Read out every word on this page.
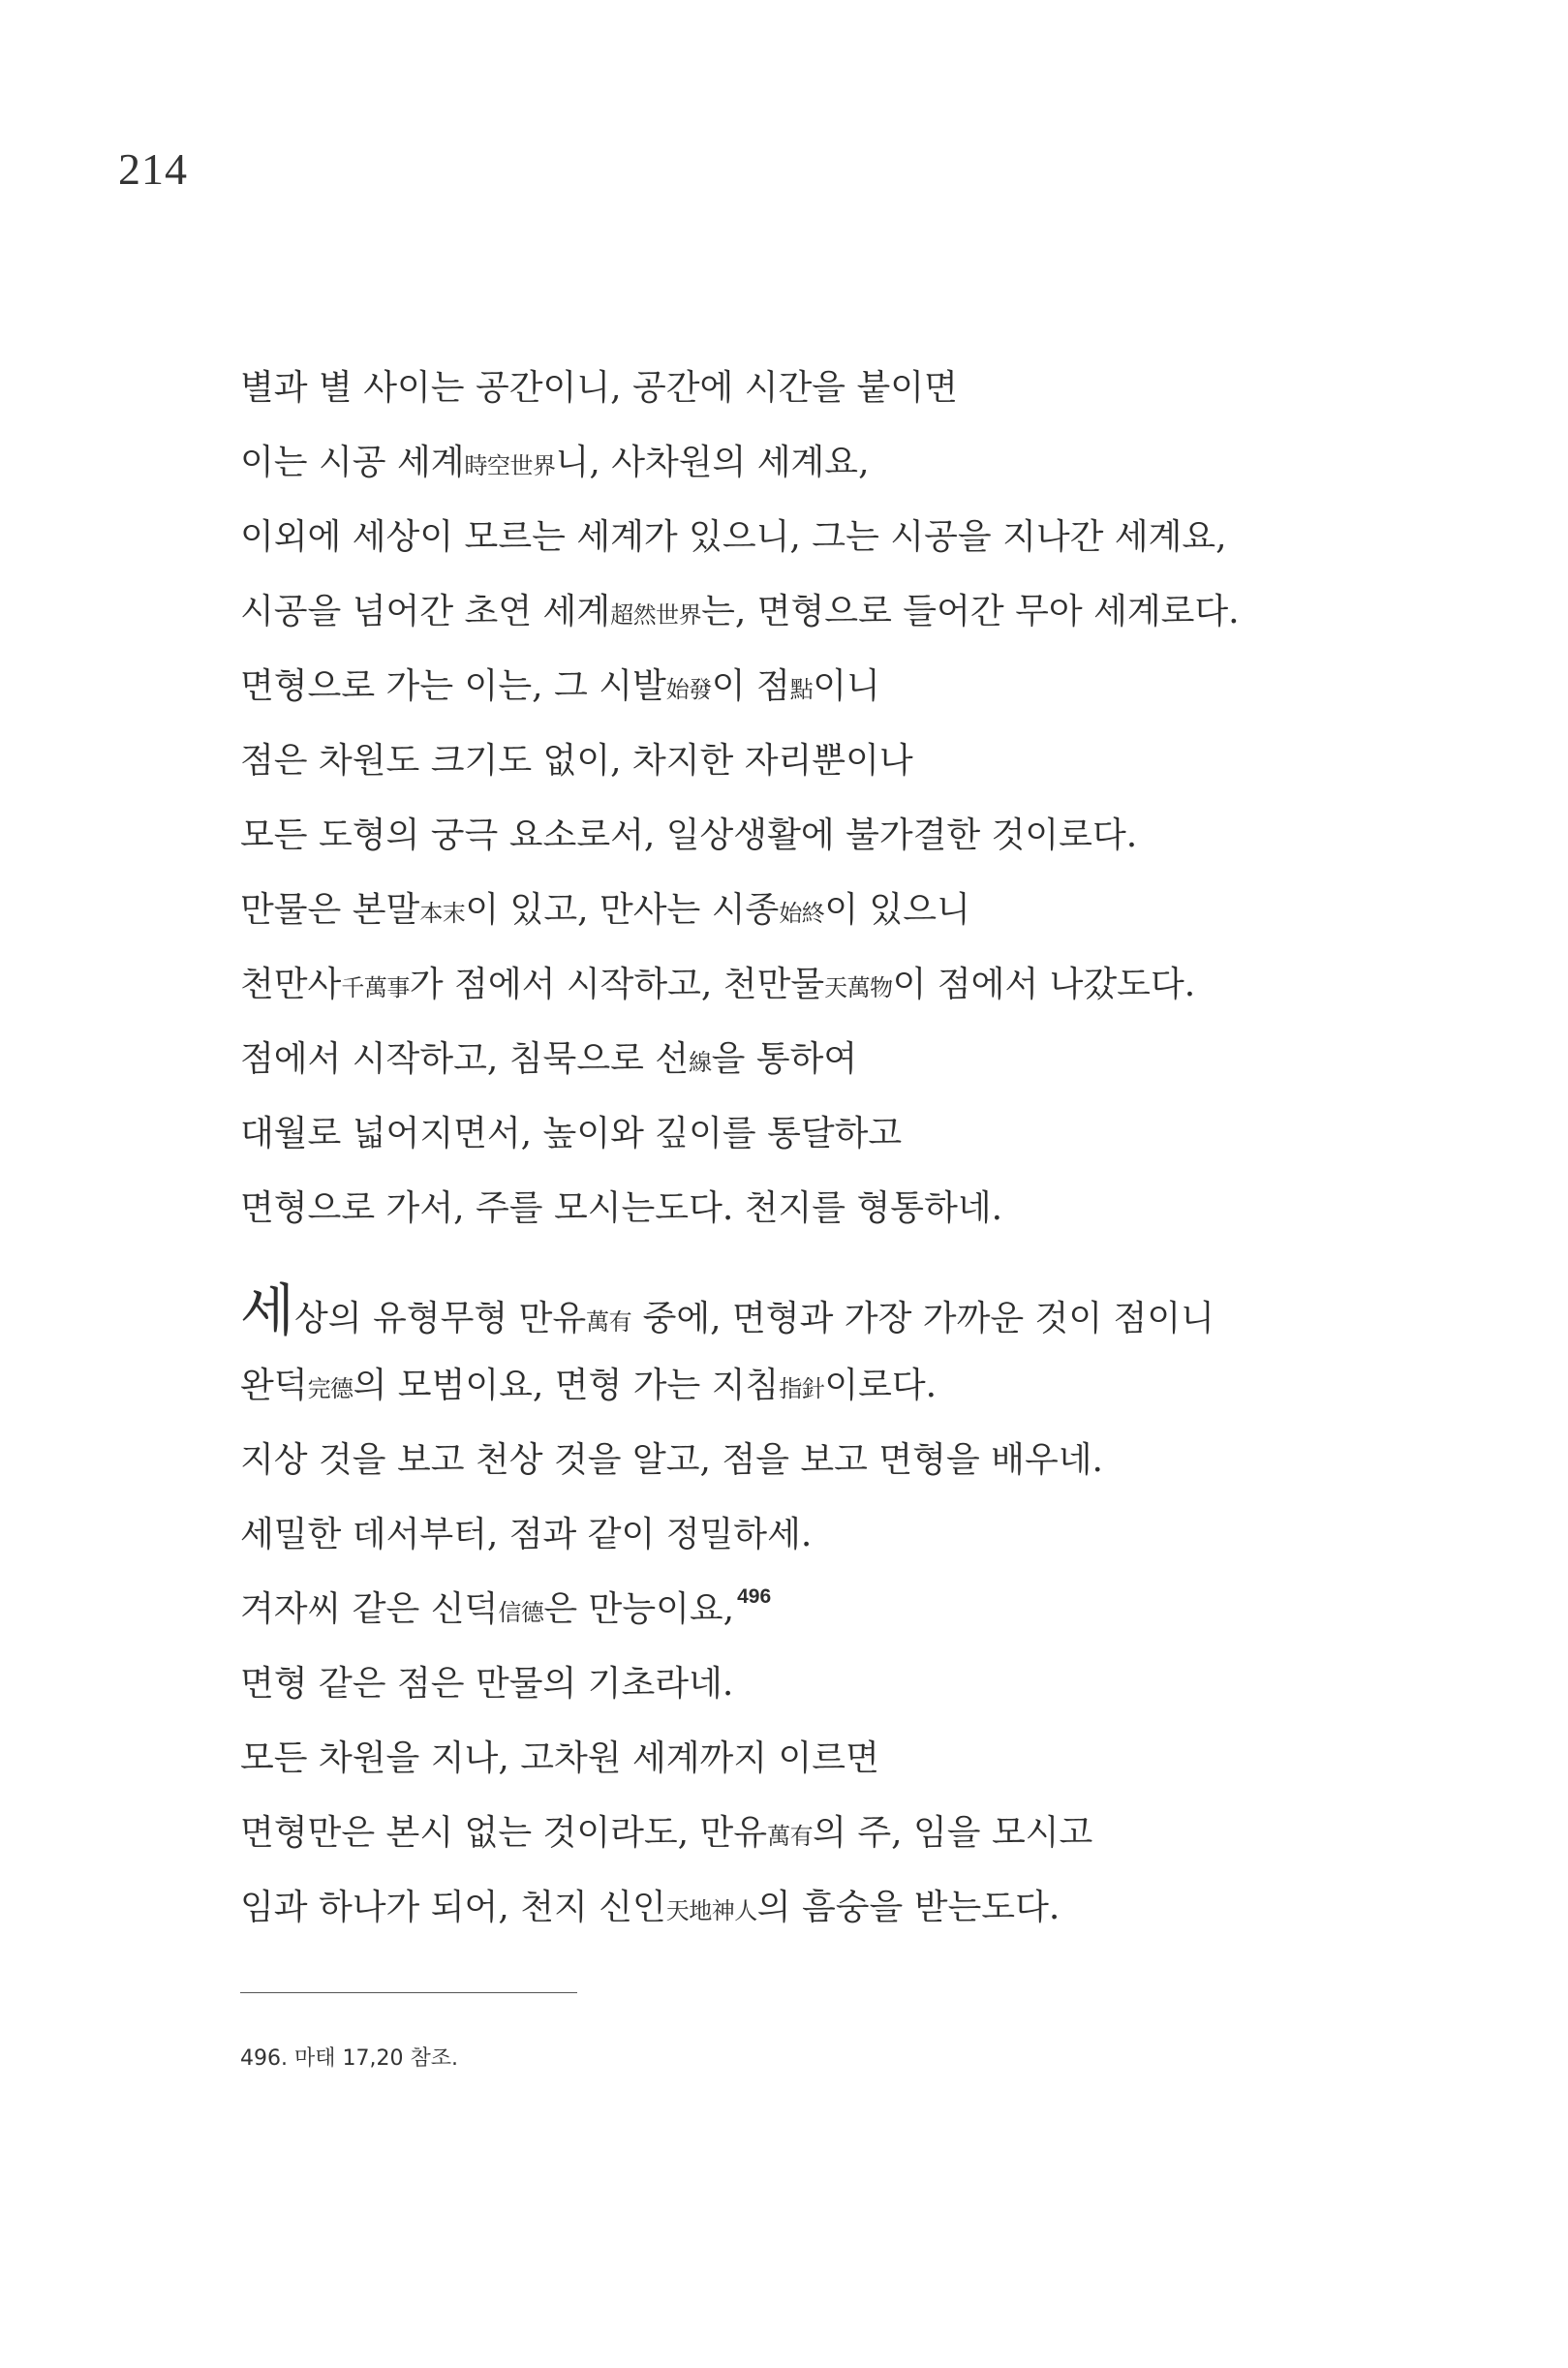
214
별과 별 사이는 공간이니, 공간에 시간을 붙이면
이는 시공 세계時空世界니, 사차원의 세계요,
이외에 세상이 모르는 세계가 있으니, 그는 시공을 지나간 세계요,
시공을 넘어간 초연 세계超然世界는, 면형으로 들어간 무아 세계로다.
면형으로 가는 이는, 그 시발始發이 점點이니
점은 차원도 크기도 없이, 차지한 자리뿐이나
모든 도형의 궁극 요소로서, 일상생활에 불가결한 것이로다.
만물은 본말本末이 있고, 만사는 시종始終이 있으니
천만사千萬事가 점에서 시작하고, 천만물天萬物이 점에서 나갔도다.
점에서 시작하고, 침묵으로 선線을 통하여
대월로 넓어지면서, 높이와 깊이를 통달하고
면형으로 가서, 주를 모시는도다. 천지를 형통하네.
세상의 유형무형 만유萬有 중에, 면형과 가장 가까운 것이 점이니
완덕完德의 모범이요, 면형 가는 지침指針이로다.
지상 것을 보고 천상 것을 알고, 점을 보고 면형을 배우네.
세밀한 데서부터, 점과 같이 정밀하세.
겨자씨 같은 신덕信德은 만능이요, $^{496}$
면형 같은 점은 만물의 기초라네.
모든 차원을 지나, 고차원 세계까지 이르면
면형만은 본시 없는 것이라도, 만유萬有의 주, 임을 모시고
임과 하나가 되어, 천지 신인天地神人의 흠숭을 받는도다.
496. 마태 17,20 참조.
